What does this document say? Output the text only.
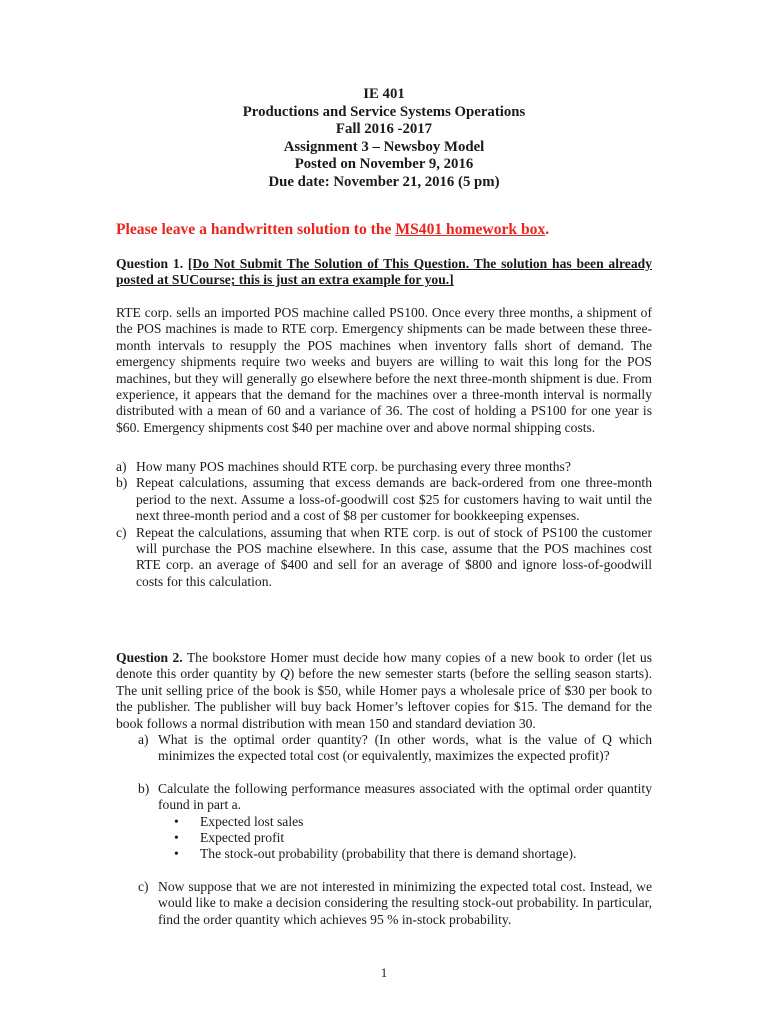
IE 401
Productions and Service Systems Operations
Fall 2016 -2017
Assignment 3 – Newsboy Model
Posted on November 9, 2016
Due date: November 21, 2016 (5 pm)
Please leave a handwritten solution to the MS401 homework box.
Question 1. [Do Not Submit The Solution of This Question. The solution has been already posted at SUCourse; this is just an extra example for you.]
RTE corp. sells an imported POS machine called PS100. Once every three months, a shipment of the POS machines is made to RTE corp. Emergency shipments can be made between these three-month intervals to resupply the POS machines when inventory falls short of demand. The emergency shipments require two weeks and buyers are willing to wait this long for the POS machines, but they will generally go elsewhere before the next three-month shipment is due. From experience, it appears that the demand for the machines over a three-month interval is normally distributed with a mean of 60 and a variance of 36. The cost of holding a PS100 for one year is $60. Emergency shipments cost $40 per machine over and above normal shipping costs.
a) How many POS machines should RTE corp. be purchasing every three months?
b) Repeat calculations, assuming that excess demands are back-ordered from one three-month period to the next. Assume a loss-of-goodwill cost $25 for customers having to wait until the next three-month period and a cost of $8 per customer for bookkeeping expenses.
c) Repeat the calculations, assuming that when RTE corp. is out of stock of PS100 the customer will purchase the POS machine elsewhere. In this case, assume that the POS machines cost RTE corp. an average of $400 and sell for an average of $800 and ignore loss-of-goodwill costs for this calculation.
Question 2. The bookstore Homer must decide how many copies of a new book to order (let us denote this order quantity by Q) before the new semester starts (before the selling season starts). The unit selling price of the book is $50, while Homer pays a wholesale price of $30 per book to the publisher. The publisher will buy back Homer’s leftover copies for $15. The demand for the book follows a normal distribution with mean 150 and standard deviation 30.
a) What is the optimal order quantity? (In other words, what is the value of Q which minimizes the expected total cost (or equivalently, maximizes the expected profit)?
b) Calculate the following performance measures associated with the optimal order quantity found in part a.
• Expected lost sales
• Expected profit
• The stock-out probability (probability that there is demand shortage).
c) Now suppose that we are not interested in minimizing the expected total cost. Instead, we would like to make a decision considering the resulting stock-out probability. In particular, find the order quantity which achieves 95 % in-stock probability.
1
